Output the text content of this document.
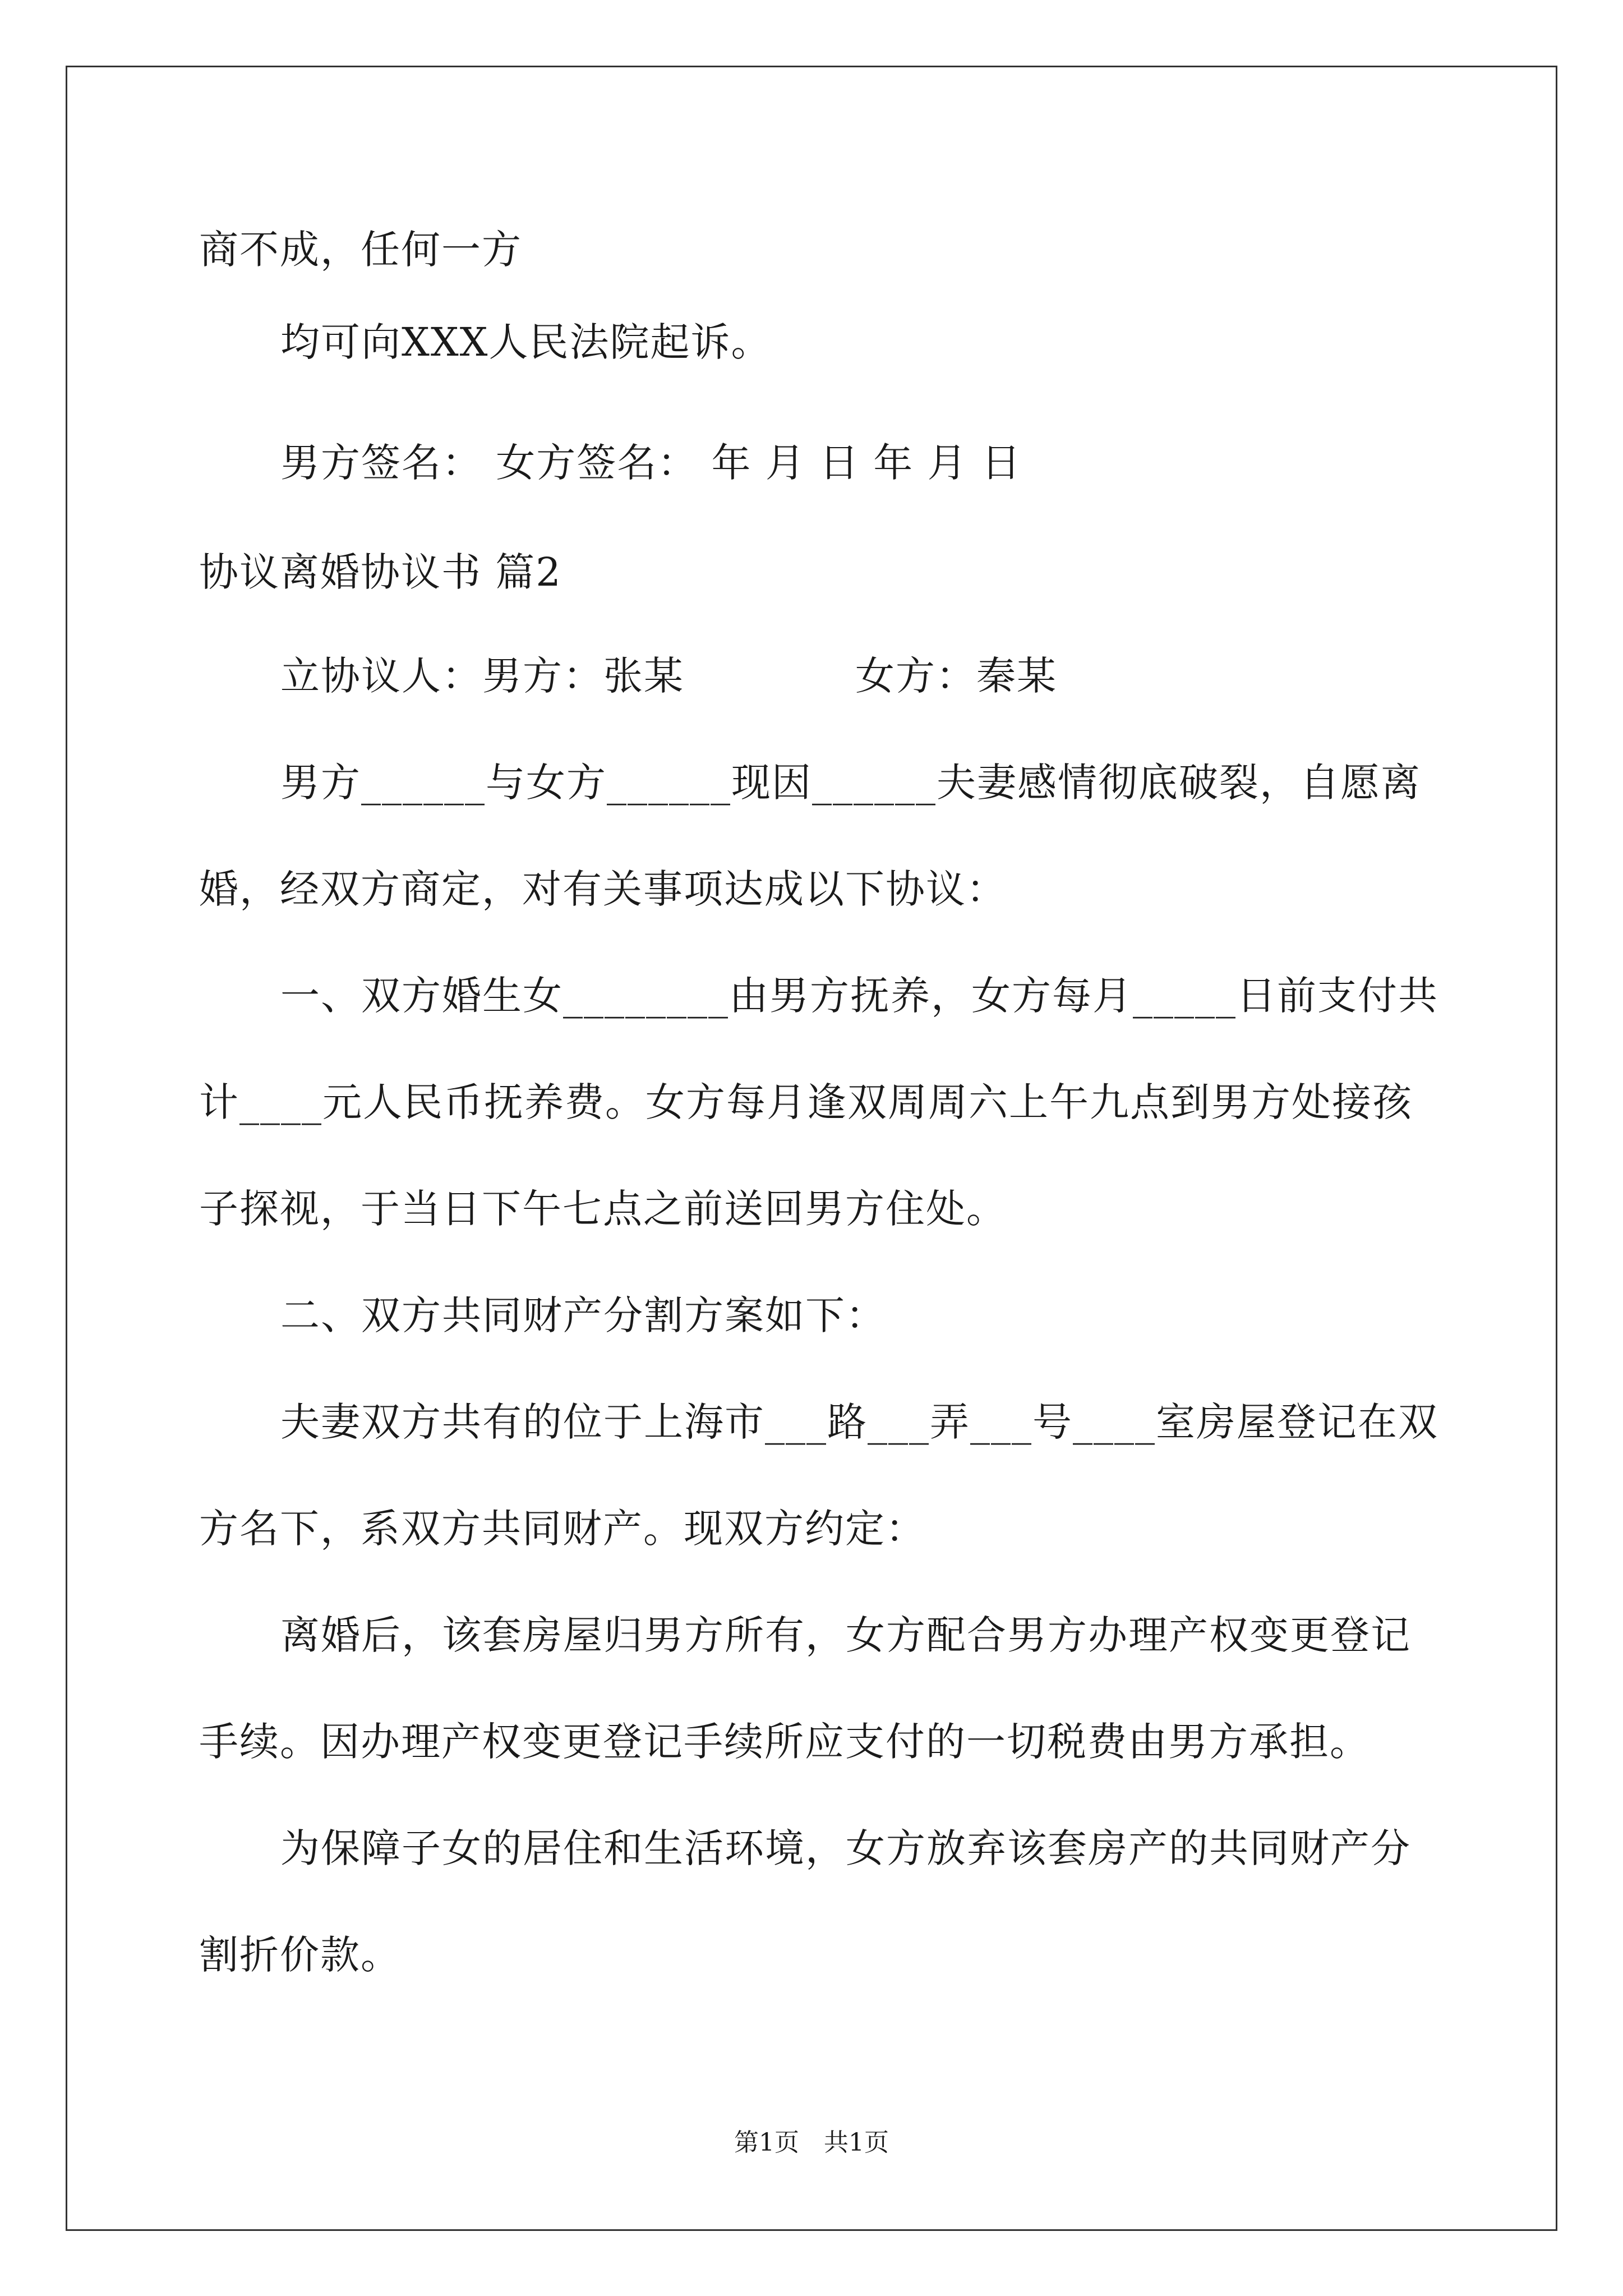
商不成，任何一方
均可向XXX人民法院起诉。
男方签名： 女方签名： 年 月 日 年 月 日
协议离婚协议书 篇2
立协议人：男方：张某	女方：秦某
男方______与女方______现因______夫妻感情彻底破裂，自愿离
婚，经双方商定，对有关事项达成以下协议：
一、双方婚生女________由男方抚养，女方每月_____日前支付共
计____元人民币抚养费。女方每月逢双周周六上午九点到男方处接孩
子探视，于当日下午七点之前送回男方住处。
二、双方共同财产分割方案如下：
夫妻双方共有的位于上海市___路___弄___号____室房屋登记在双
方名下，系双方共同财产。现双方约定：
离婚后，该套房屋归男方所有，女方配合男方办理产权变更登记
手续。因办理产权变更登记手续所应支付的一切税费由男方承担。
为保障子女的居住和生活环境，女方放弃该套房产的共同财产分
割折价款。
第1页 共1页
